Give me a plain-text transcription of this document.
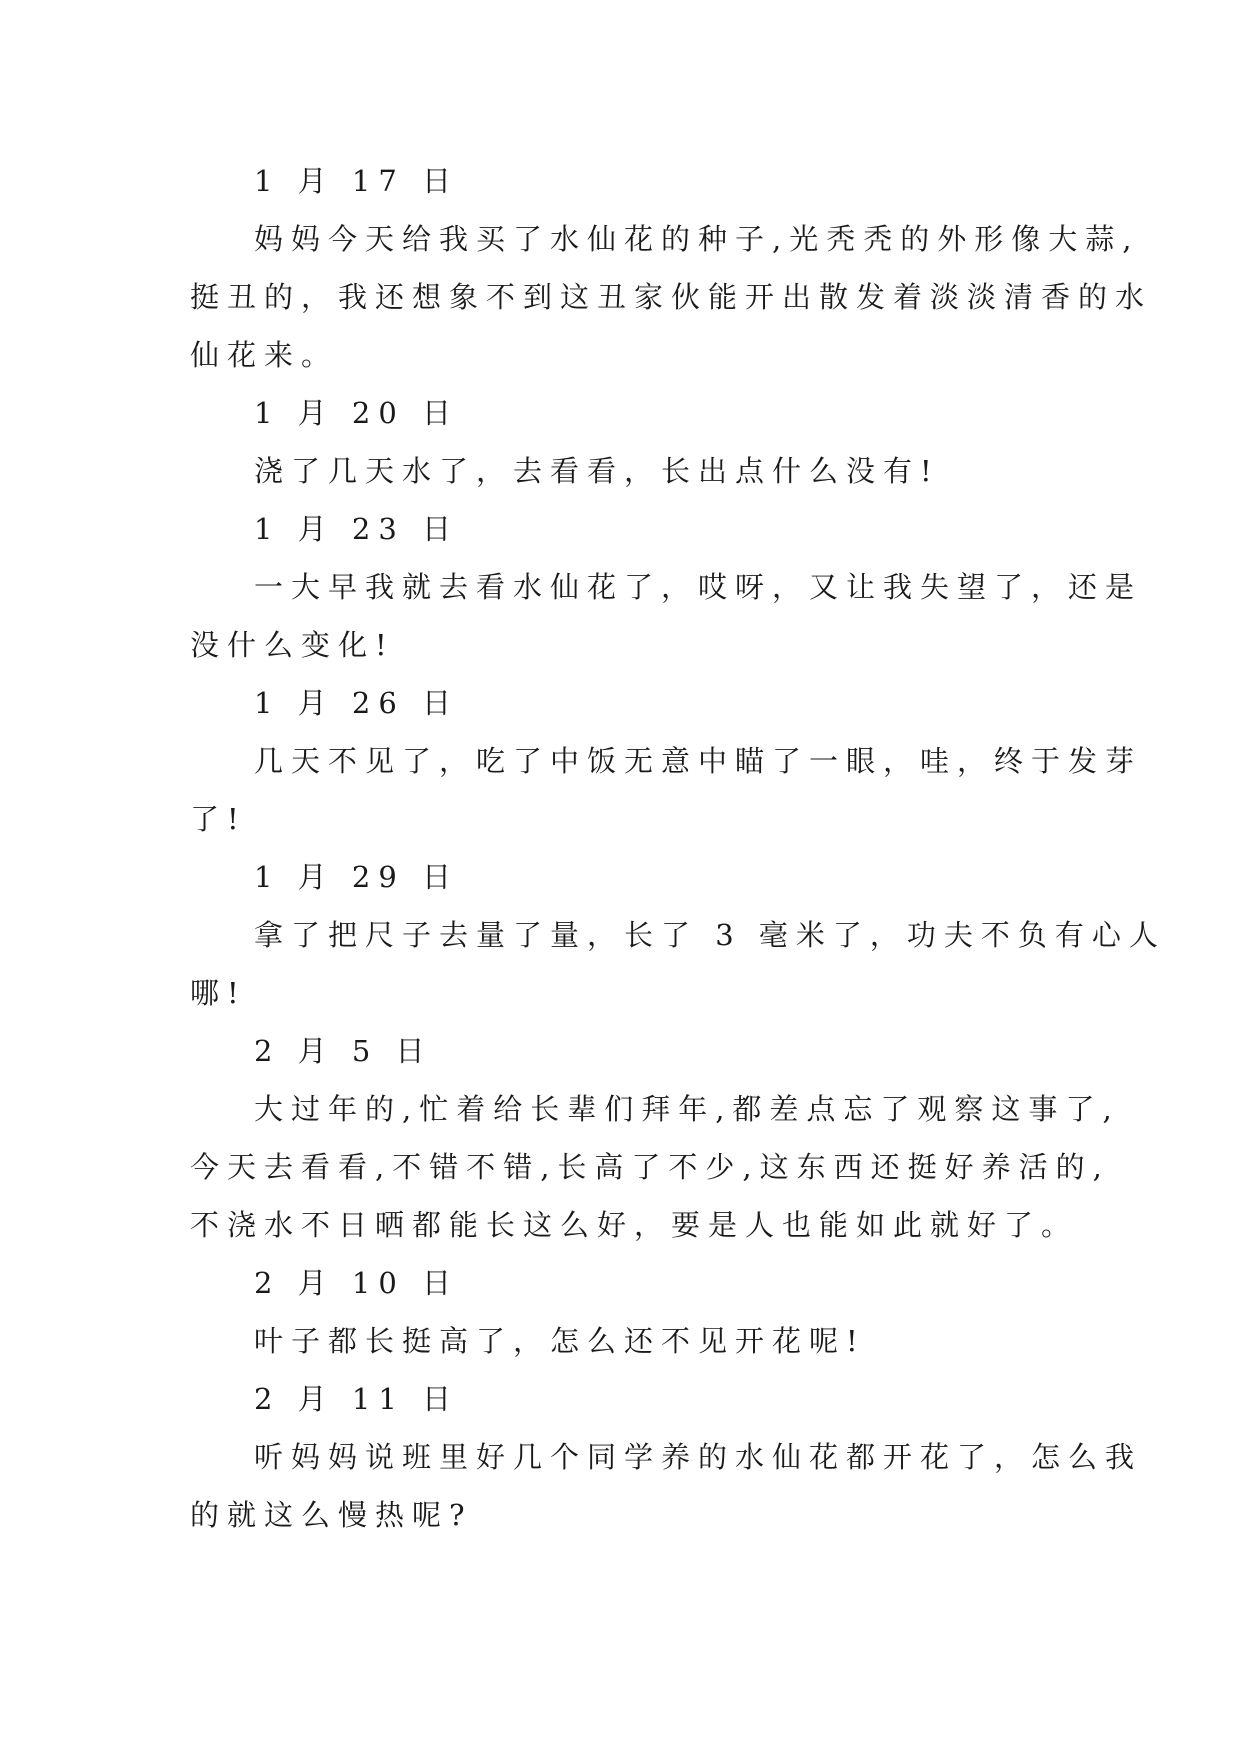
1 月 17 日
妈妈今天给我买了水仙花的种子,光秃秃的外形像大蒜,
挺丑的，我还想象不到这丑家伙能开出散发着淡淡清香的水
仙花来。
1 月 20 日
浇了几天水了，去看看，长出点什么没有!
1 月 23 日
一大早我就去看水仙花了，哎呀，又让我失望了，还是
没什么变化!
1 月 26 日
几天不见了，吃了中饭无意中瞄了一眼，哇，终于发芽
了!
1 月 29 日
拿了把尺子去量了量，长了 3 毫米了，功夫不负有心人
哪!
2 月 5 日
大过年的,忙着给长辈们拜年,都差点忘了观察这事了,
今天去看看,不错不错,长高了不少,这东西还挺好养活的,
不浇水不日晒都能长这么好，要是人也能如此就好了。
2 月 10 日
叶子都长挺高了，怎么还不见开花呢!
2 月 11 日
听妈妈说班里好几个同学养的水仙花都开花了，怎么我
的就这么慢热呢?
